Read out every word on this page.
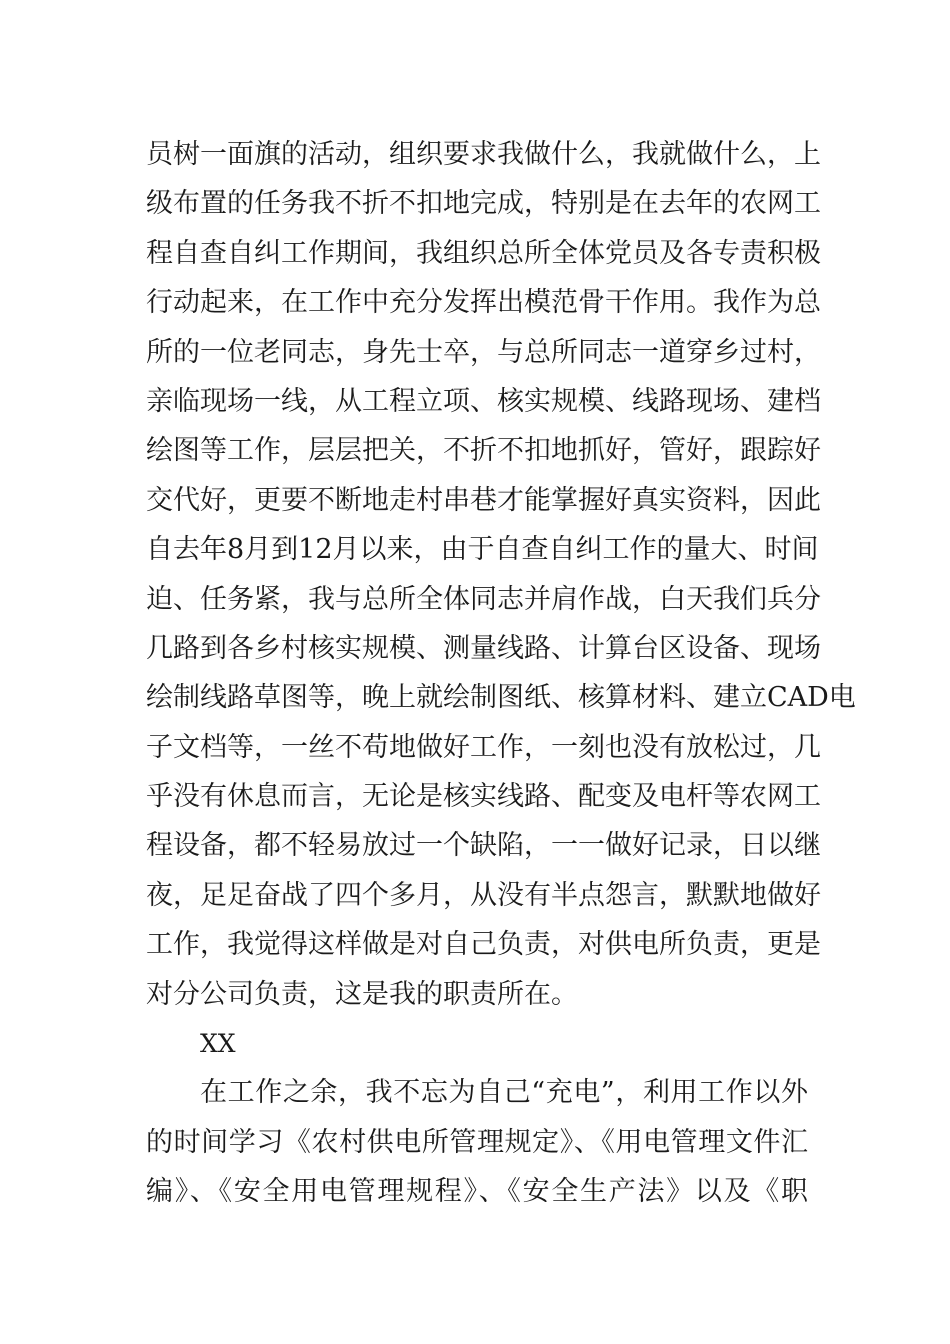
员树一面旗的活动，组织要求我做什么，我就做什么，上
级布置的任务我不折不扣地完成，特别是在去年的农网工
程自查自纠工作期间，我组织总所全体党员及各专责积极
行动起来，在工作中充分发挥出模范骨干作用。我作为总
所的一位老同志，身先士卒，与总所同志一道穿乡过村，
亲临现场一线，从工程立项、核实规模、线路现场、建档
绘图等工作，层层把关，不折不扣地抓好，管好，跟踪好
交代好，更要不断地走村串巷才能掌握好真实资料，因此
自去年8月到12月以来，由于自查自纠工作的量大、时间
迫、任务紧，我与总所全体同志并肩作战，白天我们兵分
几路到各乡村核实规模、测量线路、计算台区设备、现场
绘制线路草图等，晚上就绘制图纸、核算材料、建立CAD电
子文档等，一丝不苟地做好工作，一刻也没有放松过，几
乎没有休息而言，无论是核实线路、配变及电杆等农网工
程设备，都不轻易放过一个缺陷，一一做好记录，日以继
夜，足足奋战了四个多月，从没有半点怨言，默默地做好
工作，我觉得这样做是对自己负责，对供电所负责，更是
对分公司负责，这是我的职责所在。
XX
在工作之余，我不忘为自己“充电”，利用工作以外
的时间学习《农村供电所管理规定》、《用电管理文件汇
编》、《安全用电管理规程》、《安全生产法》以及《职
